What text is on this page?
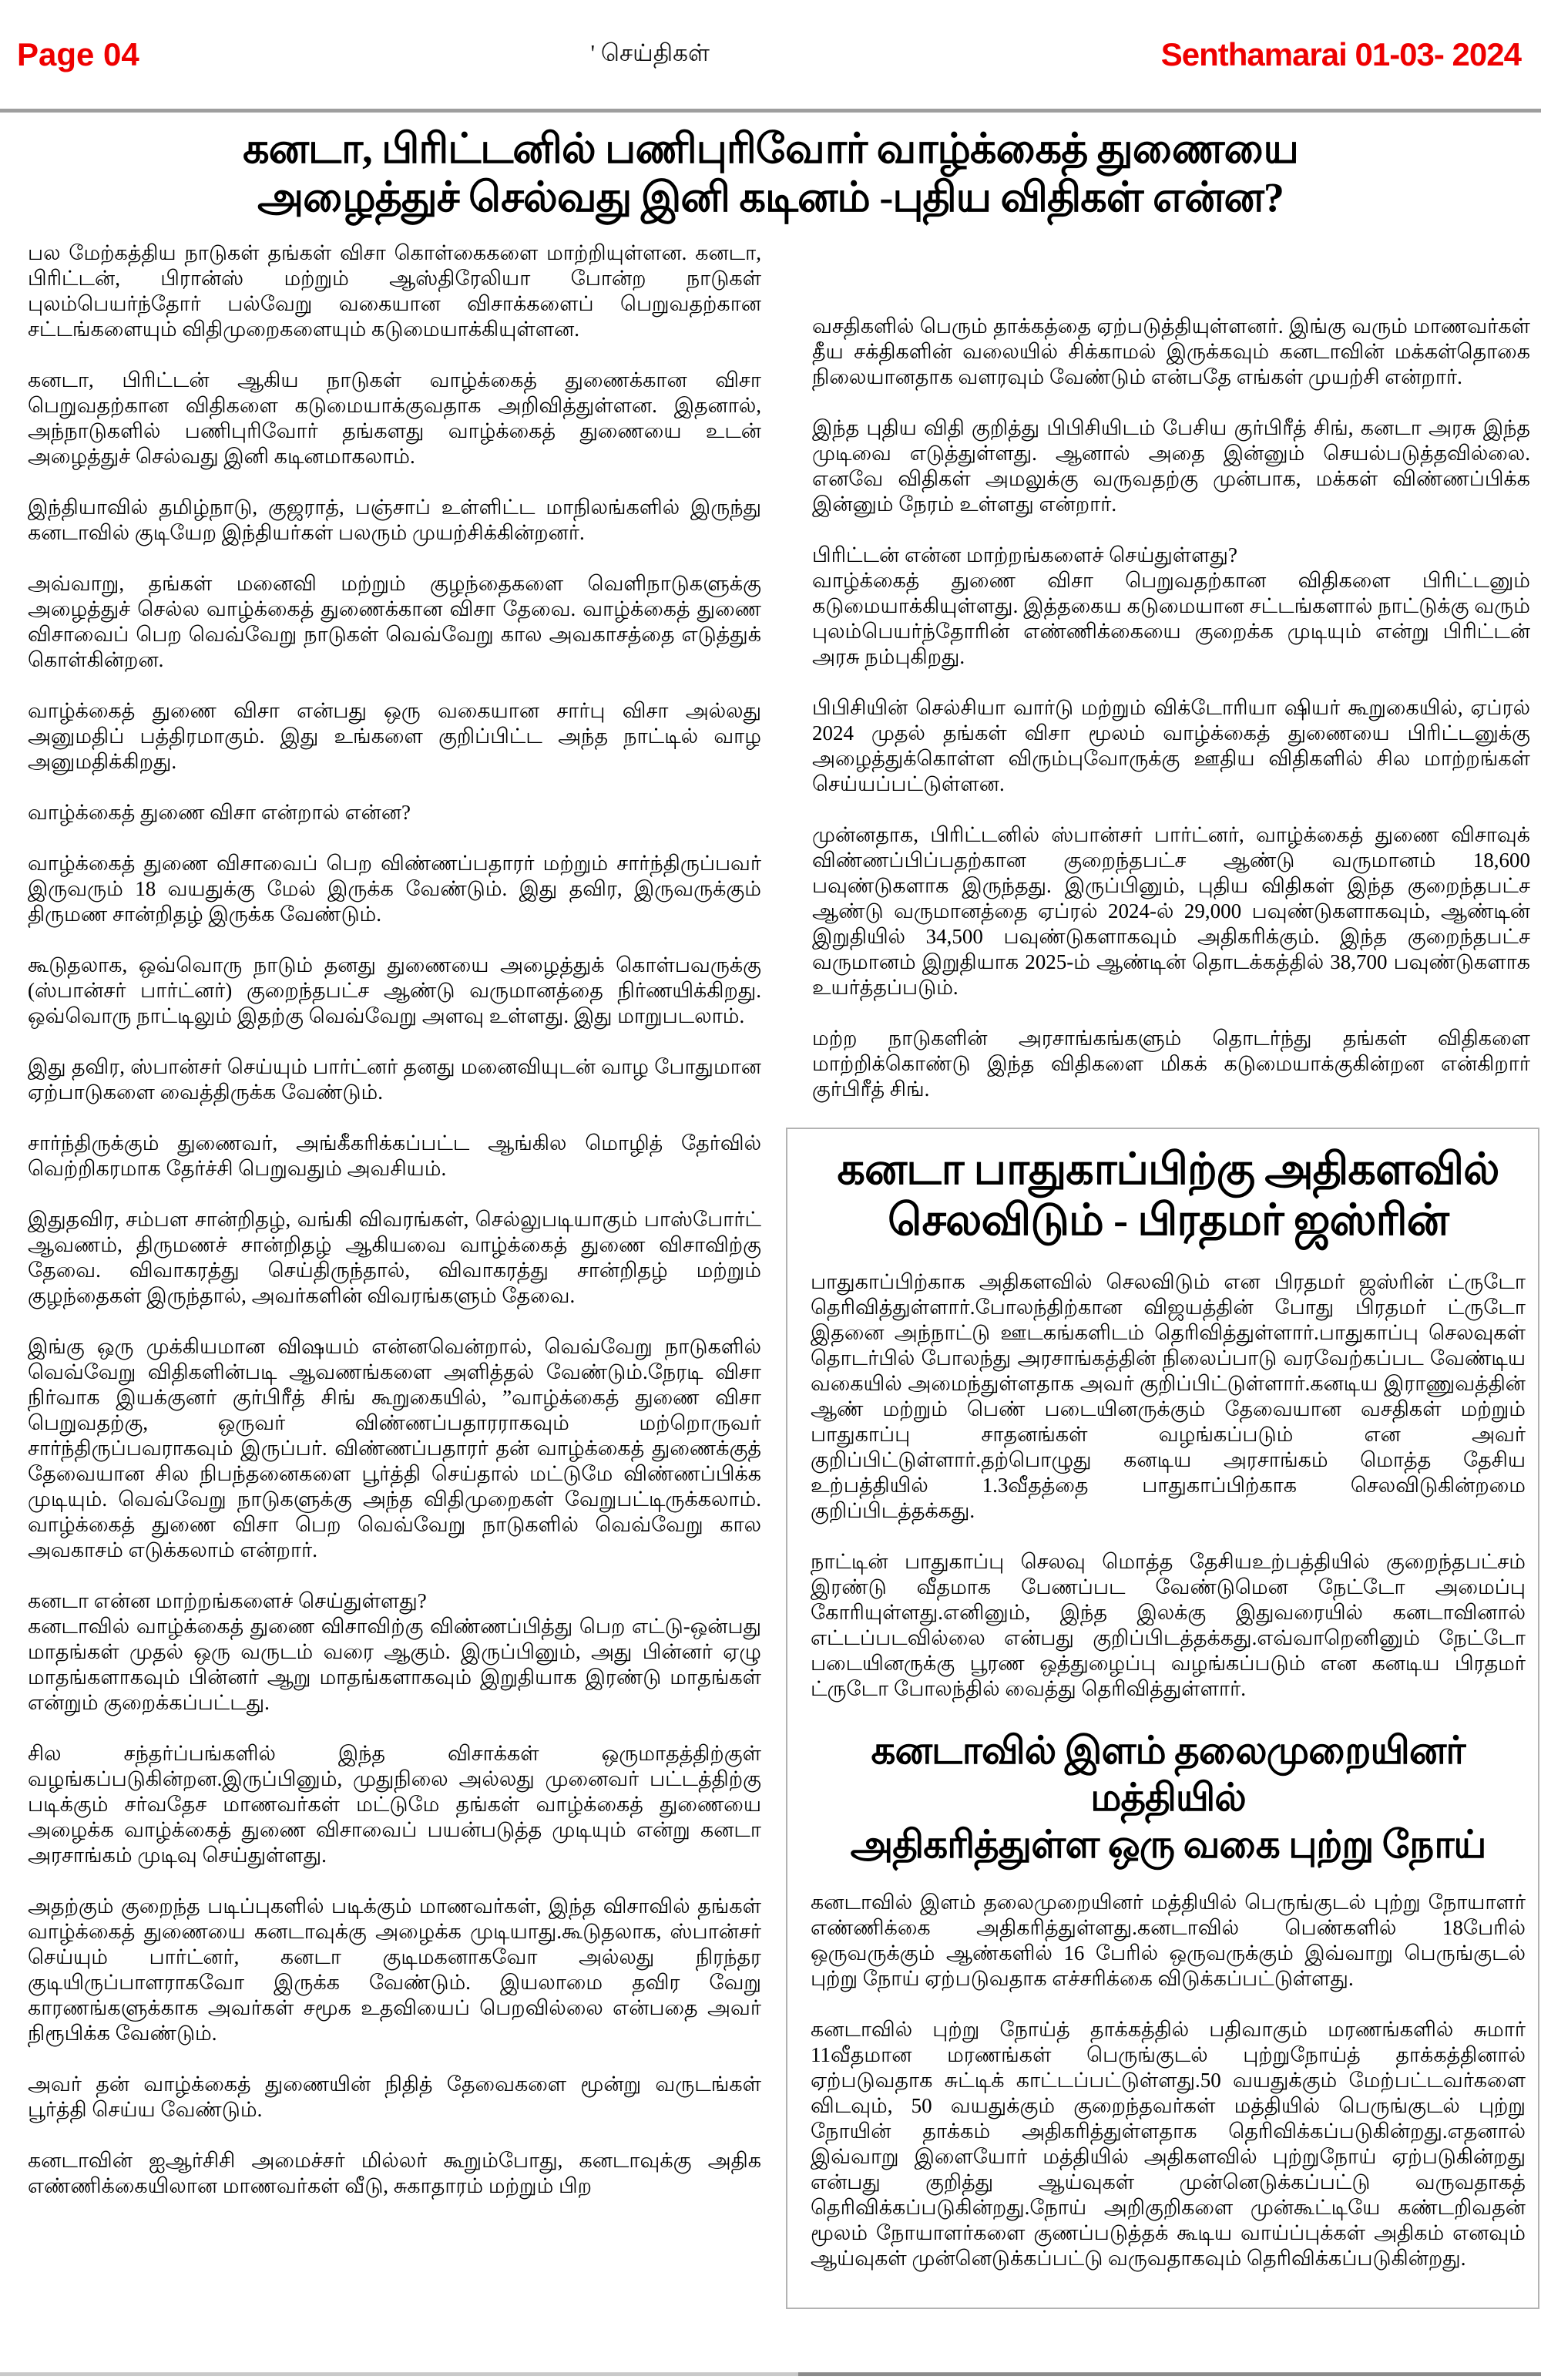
Page 04	' செய்திகள்	Senthamarai 01-03- 2024
கனடா, பிரிட்டனில் பணிபுரிவோர் வாழ்க்கைத் துணையை
அழைத்துச் செல்வது இனி கடினம் -புதிய விதிகள் என்ன?

பல மேற்கத்திய நாடுகள் தங்கள் விசா கொள்கைகளை மாற்றியுள்ளன. கனடா, பிரிட்டன், பிரான்ஸ் மற்றும் ஆஸ்திரேலியா போன்ற நாடுகள் புலம்பெயர்ந்தோர் பல்வேறு வகையான விசாக்களைப் பெறுவதற்கான சட்டங்களையும் விதிமுறைகளையும் கடுமையாக்கியுள்ளன.

கனடா, பிரிட்டன் ஆகிய நாடுகள் வாழ்க்கைத் துணைக்கான விசா பெறுவதற்கான விதிகளை கடுமையாக்குவதாக அறிவித்துள்ளன. இதனால், அந்நாடுகளில் பணிபுரிவோர் தங்களது வாழ்க்கைத் துணையை உடன் அழைத்துச் செல்வது இனி கடினமாகலாம்.

இந்தியாவில் தமிழ்நாடு, குஜராத், பஞ்சாப் உள்ளிட்ட மாநிலங்களில் இருந்து கனடாவில் குடியேற இந்தியர்கள் பலரும் முயற்சிக்கின்றனர்.

அவ்வாறு, தங்கள் மனைவி மற்றும் குழந்தைகளை வெளிநாடுகளுக்கு அழைத்துச் செல்ல வாழ்க்கைத் துணைக்கான விசா தேவை. வாழ்க்கைத் துணை விசாவைப் பெற வெவ்வேறு நாடுகள் வெவ்வேறு கால அவகாசத்தை எடுத்துக் கொள்கின்றன.

வாழ்க்கைத் துணை விசா என்பது ஒரு வகையான சார்பு விசா அல்லது அனுமதிப் பத்திரமாகும். இது உங்களை குறிப்பிட்ட அந்த நாட்டில் வாழ அனுமதிக்கிறது.

வாழ்க்கைத் துணை விசா என்றால் என்ன?

வாழ்க்கைத் துணை விசாவைப் பெற விண்ணப்பதாரர் மற்றும் சார்ந்திருப்பவர் இருவரும் 18 வயதுக்கு மேல் இருக்க வேண்டும். இது தவிர, இருவருக்கும் திருமண சான்றிதழ் இருக்க வேண்டும்.

கூடுதலாக, ஒவ்வொரு நாடும் தனது துணையை அழைத்துக் கொள்பவருக்கு (ஸ்பான்சர் பார்ட்னர்) குறைந்தபட்ச ஆண்டு வருமானத்தை நிர்ணயிக்கிறது. ஒவ்வொரு நாட்டிலும் இதற்கு வெவ்வேறு அளவு உள்ளது. இது மாறுபடலாம்.

இது தவிர, ஸ்பான்சர் செய்யும் பார்ட்னர் தனது மனைவியுடன் வாழ போதுமான ஏற்பாடுகளை வைத்திருக்க வேண்டும்.

சார்ந்திருக்கும் துணைவர், அங்கீகரிக்கப்பட்ட ஆங்கில மொழித் தேர்வில் வெற்றிகரமாக தேர்ச்சி பெறுவதும் அவசியம்.

இதுதவிர, சம்பள சான்றிதழ், வங்கி விவரங்கள், செல்லுபடியாகும் பாஸ்போர்ட் ஆவணம், திருமணச் சான்றிதழ் ஆகியவை வாழ்க்கைத் துணை விசாவிற்கு தேவை. விவாகரத்து செய்திருந்தால், விவாகரத்து சான்றிதழ் மற்றும் குழந்தைகள் இருந்தால், அவர்களின் விவரங்களும் தேவை.

இங்கு ஒரு முக்கியமான விஷயம் என்னவென்றால், வெவ்வேறு நாடுகளில் வெவ்வேறு விதிகளின்படி ஆவணங்களை அளித்தல் வேண்டும்.நேரடி விசா நிர்வாக இயக்குனர் குர்பிரீத் சிங் கூறுகையில், ”வாழ்க்கைத் துணை விசா பெறுவதற்கு, ஒருவர் விண்ணப்பதாரராகவும் மற்றொருவர் சார்ந்திருப்பவராகவும் இருப்பர். விண்ணப்பதாரர் தன் வாழ்க்கைத் துணைக்குத் தேவையான சில நிபந்தனைகளை பூர்த்தி செய்தால் மட்டுமே விண்ணப்பிக்க முடியும். வெவ்வேறு நாடுகளுக்கு அந்த விதிமுறைகள் வேறுபட்டிருக்கலாம். வாழ்க்கைத் துணை விசா பெற வெவ்வேறு நாடுகளில் வெவ்வேறு கால அவகாசம் எடுக்கலாம் என்றார்.

கனடா என்ன மாற்றங்களைச் செய்துள்ளது?

கனடாவில் வாழ்க்கைத் துணை விசாவிற்கு விண்ணப்பித்து பெற எட்டு-ஒன்பது மாதங்கள் முதல் ஒரு வருடம் வரை ஆகும். இருப்பினும், அது பின்னர் ஏழு மாதங்களாகவும் பின்னர் ஆறு மாதங்களாகவும் இறுதியாக இரண்டு மாதங்கள் என்றும் குறைக்கப்பட்டது.

சில சந்தர்ப்பங்களில் இந்த விசாக்கள் ஒருமாதத்திற்குள் வழங்கப்படுகின்றன.இருப்பினும், முதுநிலை அல்லது முனைவர் பட்டத்திற்கு படிக்கும் சர்வதேச மாணவர்கள் மட்டுமே தங்கள் வாழ்க்கைத் துணையை அழைக்க வாழ்க்கைத் துணை விசாவைப் பயன்படுத்த முடியும் என்று கனடா அரசாங்கம் முடிவு செய்துள்ளது.

அதற்கும் குறைந்த படிப்புகளில் படிக்கும் மாணவர்கள், இந்த விசாவில் தங்கள் வாழ்க்கைத் துணையை கனடாவுக்கு அழைக்க முடியாது.கூடுதலாக, ஸ்பான்சர் செய்யும் பார்ட்னர், கனடா குடிமகனாகவோ அல்லது நிரந்தர குடியிருப்பாளராகவோ இருக்க வேண்டும். இயலாமை தவிர வேறு காரணங்களுக்காக அவர்கள் சமூக உதவியைப் பெறவில்லை என்பதை அவர் நிரூபிக்க வேண்டும்.

அவர் தன் வாழ்க்கைத் துணையின் நிதித் தேவைகளை மூன்று வருடங்கள் பூர்த்தி செய்ய வேண்டும்.

கனடாவின் ஐஆர்சிசி அமைச்சர் மில்லர் கூறும்போது, கனடாவுக்கு அதிக எண்ணிக்கையிலான மாணவர்கள் வீடு, சுகாதாரம் மற்றும் பிற

வசதிகளில் பெரும் தாக்கத்தை ஏற்படுத்தியுள்ளனர். இங்கு வரும் மாணவர்கள் தீய சக்திகளின் வலையில் சிக்காமல் இருக்கவும் கனடாவின் மக்கள்தொகை நிலையானதாக வளரவும் வேண்டும் என்பதே எங்கள் முயற்சி என்றார்.

இந்த புதிய விதி குறித்து பிபிசியிடம் பேசிய குர்பிரீத் சிங், கனடா அரசு இந்த முடிவை எடுத்துள்ளது. ஆனால் அதை இன்னும் செயல்படுத்தவில்லை. எனவே விதிகள் அமலுக்கு வருவதற்கு முன்பாக, மக்கள் விண்ணப்பிக்க இன்னும் நேரம் உள்ளது என்றார்.

பிரிட்டன் என்ன மாற்றங்களைச் செய்துள்ளது?

வாழ்க்கைத் துணை விசா பெறுவதற்கான விதிகளை பிரிட்டனும் கடுமையாக்கியுள்ளது. இத்தகைய கடுமையான சட்டங்களால் நாட்டுக்கு வரும் புலம்பெயர்ந்தோரின் எண்ணிக்கையை குறைக்க முடியும் என்று பிரிட்டன் அரசு நம்புகிறது.

பிபிசியின் செல்சியா வார்டு மற்றும் விக்டோரியா ஷியர் கூறுகையில், ஏப்ரல் 2024 முதல் தங்கள் விசா மூலம் வாழ்க்கைத் துணையை பிரிட்டனுக்கு அழைத்துக்கொள்ள விரும்புவோருக்கு ஊதிய விதிகளில் சில மாற்றங்கள் செய்யப்பட்டுள்ளன.

முன்னதாக, பிரிட்டனில் ஸ்பான்சர் பார்ட்னர், வாழ்க்கைத் துணை விசாவுக் விண்ணப்பிப்பதற்கான குறைந்தபட்ச ஆண்டு வருமானம் 18,600 பவுண்டுகளாக இருந்தது. இருப்பினும், புதிய விதிகள் இந்த குறைந்தபட்ச ஆண்டு வருமானத்தை ஏப்ரல் 2024-ல் 29,000 பவுண்டுகளாகவும், ஆண்டின் இறுதியில் 34,500 பவுண்டுகளாகவும் அதிகரிக்கும். இந்த குறைந்தபட்ச வருமானம் இறுதியாக 2025-ம் ஆண்டின் தொடக்கத்தில் 38,700 பவுண்டுகளாக உயர்த்தப்படும்.

மற்ற நாடுகளின் அரசாங்கங்களும் தொடர்ந்து தங்கள் விதிகளை மாற்றிக்கொண்டு இந்த விதிகளை மிகக் கடுமையாக்குகின்றன என்கிறார் குர்பிரீத் சிங்.

கனடா பாதுகாப்பிற்கு அதிகளவில்
செலவிடும் - பிரதமர் ஜஸ்ரின்

பாதுகாப்பிற்காக அதிகளவில் செலவிடும் என பிரதமர் ஜஸ்ரின் ட்ருடோ தெரிவித்துள்ளார்.போலந்திற்கான விஜயத்தின் போது பிரதமர் ட்ருடோ இதனை அந்நாட்டு ஊடகங்களிடம் தெரிவித்துள்ளார்.பாதுகாப்பு செலவுகள் தொடர்பில் போலந்து அரசாங்கத்தின் நிலைப்பாடு வரவேற்கப்பட வேண்டிய வகையில் அமைந்துள்ளதாக அவர் குறிப்பிட்டுள்ளார்.கனடிய இராணுவத்தின் ஆண் மற்றும் பெண் படையினருக்கும் தேவையான வசதிகள் மற்றும் பாதுகாப்பு சாதனங்கள் வழங்கப்படும் என அவர் குறிப்பிட்டுள்ளார்.தற்பொழுது கனடிய அரசாங்கம் மொத்த தேசிய உற்பத்தியில் 1.3வீதத்தை பாதுகாப்பிற்காக செலவிடுகின்றமை குறிப்பிடத்தக்கது.

நாட்டின் பாதுகாப்பு செலவு மொத்த தேசியஉற்பத்தியில் குறைந்தபட்சம் இரண்டு வீதமாக பேணப்பட வேண்டுமென நேட்டோ அமைப்பு கோரியுள்ளது.எனினும், இந்த இலக்கு இதுவரையில் கனடாவினால் எட்டப்படவில்லை என்பது குறிப்பிடத்தக்கது.எவ்வாறெனினும் நேட்டோ படையினருக்கு பூரண ஒத்துழைப்பு வழங்கப்படும் என கனடிய பிரதமர் ட்ருடோ போலந்தில் வைத்து தெரிவித்துள்ளார்.

கனடாவில் இளம் தலைமுறையினர் மத்தியில்
அதிகரித்துள்ள ஒரு வகை புற்று நோய்

கனடாவில் இளம் தலைமுறையினர் மத்தியில் பெருங்குடல் புற்று நோயாளர் எண்ணிக்கை அதிகரித்துள்ளது.கனடாவில் பெண்களில் 18பேரில் ஒருவருக்கும் ஆண்களில் 16 பேரில் ஒருவருக்கும் இவ்வாறு பெருங்குடல் புற்று நோய் ஏற்படுவதாக எச்சரிக்கை விடுக்கப்பட்டுள்ளது.

கனடாவில் புற்று நோய்த் தாக்கத்தில் பதிவாகும் மரணங்களில் சுமார் 11வீதமான மரணங்கள் பெருங்குடல் புற்றுநோய்த் தாக்கத்தினால் ஏற்படுவதாக சுட்டிக் காட்டப்பட்டுள்ளது.50 வயதுக்கும் மேற்பட்டவர்களை விடவும், 50 வயதுக்கும் குறைந்தவர்கள் மத்தியில் பெருங்குடல் புற்று நோயின் தாக்கம் அதிகரித்துள்ளதாக தெரிவிக்கப்படுகின்றது.எதனால் இவ்வாறு இளையோர் மத்தியில் அதிகளவில் புற்றுநோய் ஏற்படுகின்றது என்பது குறித்து ஆய்வுகள் முன்னெடுக்கப்பட்டு வருவதாகத் தெரிவிக்கப்படுகின்றது.நோய் அறிகுறிகளை முன்கூட்டியே கண்டறிவதன் மூலம் நோயாளர்களை குணப்படுத்தக் கூடிய வாய்ப்புக்கள் அதிகம் எனவும் ஆய்வுகள் முன்னெடுக்கப்பட்டு வருவதாகவும் தெரிவிக்கப்படுகின்றது.
